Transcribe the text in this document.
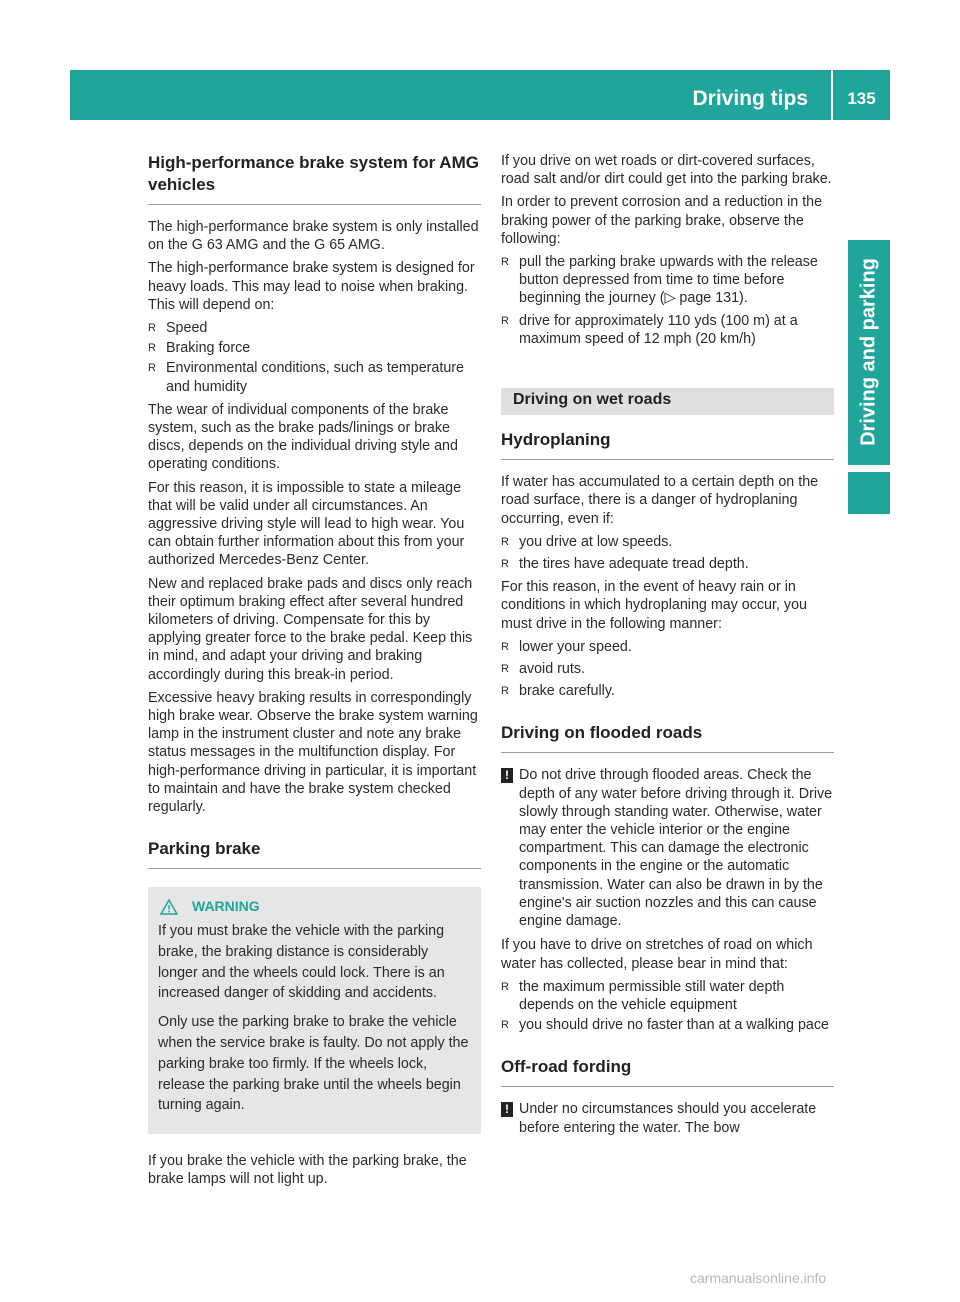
Driving tips	135
Driving and parking
High-performance brake system for AMG vehicles

The high-performance brake system is only installed on the G 63 AMG and the G 65 AMG.

The high-performance brake system is designed for heavy loads. This may lead to noise when braking. This will depend on:

R Speed
R Braking force
R Environmental conditions, such as temperature and humidity

The wear of individual components of the brake system, such as the brake pads/linings or brake discs, depends on the individual driving style and operating conditions.

For this reason, it is impossible to state a mileage that will be valid under all circumstances. An aggressive driving style will lead to high wear. You can obtain further information about this from your authorized Mercedes-Benz Center.

New and replaced brake pads and discs only reach their optimum braking effect after several hundred kilometers of driving. Compensate for this by applying greater force to the brake pedal. Keep this in mind, and adapt your driving and braking accordingly during this break-in period.

Excessive heavy braking results in correspondingly high brake wear. Observe the brake system warning lamp in the instrument cluster and note any brake status messages in the multifunction display. For high-performance driving in particular, it is important to maintain and have the brake system checked regularly.

Parking brake
WARNING

If you must brake the vehicle with the parking brake, the braking distance is considerably longer and the wheels could lock. There is an increased danger of skidding and accidents.

Only use the parking brake to brake the vehicle when the service brake is faulty. Do not apply the parking brake too firmly. If the wheels lock, release the parking brake until the wheels begin turning again.

If you brake the vehicle with the parking brake, the brake lamps will not light up.

If you drive on wet roads or dirt-covered surfaces, road salt and/or dirt could get into the parking brake.

In order to prevent corrosion and a reduction in the braking power of the parking brake, observe the following:

R pull the parking brake upwards with the release button depressed from time to time before beginning the journey (▷ page 131).
R drive for approximately 110 yds (100 m) at a maximum speed of 12 mph (20 km/h)
Driving on wet roads
Hydroplaning

If water has accumulated to a certain depth on the road surface, there is a danger of hydroplaning occurring, even if:

R you drive at low speeds.
R the tires have adequate tread depth.

For this reason, in the event of heavy rain or in conditions in which hydroplaning may occur, you must drive in the following manner:

R lower your speed.
R avoid ruts.
R brake carefully.
Driving on flooded roads
! Do not drive through flooded areas. Check the depth of any water before driving through it. Drive slowly through standing water. Otherwise, water may enter the vehicle interior or the engine compartment. This can damage the electronic components in the engine or the automatic transmission. Water can also be drawn in by the engine's air suction nozzles and this can cause engine damage.

If you have to drive on stretches of road on which water has collected, please bear in mind that:

R the maximum permissible still water depth depends on the vehicle equipment
R you should drive no faster than at a walking pace
Off-road fording
! Under no circumstances should you accelerate before entering the water. The bow
carmanualsonline.info
